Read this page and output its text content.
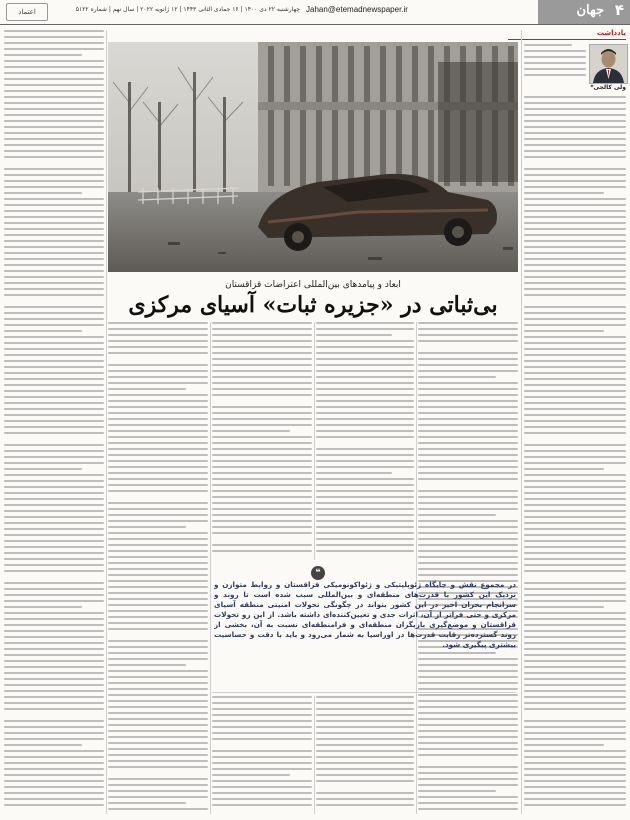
۴
جهان
Jahan@etemadnewspaper.ir
چهارشنبه ۲۲ دی ۱۴۰۰ | ۱۶ جمادی الثانی ۱۴۴۳ | ۱۲ ژانویه ۲۰۲۲ | سال نهم | شماره ۵۱۲۲
اعتماد
یادداشت
ولی کالجی*
ابعاد و پیامدهای بین‌المللی اعتراضات قزاقستان
بی‌ثباتی در «جزیره ثبات» آسیای مرکزی
❝
در مجموع نقش و جایگاه ژئوپلیتیکی و ژئواکونومیکی قزاقستان و روابط متوازن و نزدیک این کشور با قدرت‌های منطقه‌ای و بین‌المللی سبب شده است تا روند و سرانجام بحران اخیر در این کشور بتواند در چگونگی تحولات امنیتی منطقه آسیای مرکزی و حتی فراتر از آن، اثرات جدی و تعیین‌کننده‌ای داشته باشد. از این رو تحولات قزاقستان و موضع‌گیری بازیگران منطقه‌ای و فرامنطقه‌ای نسبت به آن، بخشی از روند گسترده‌تر رقابت قدرت‌ها در اوراسیا به شمار می‌رود و باید با دقت و حساسیت بیشتری پیگیری شود.
